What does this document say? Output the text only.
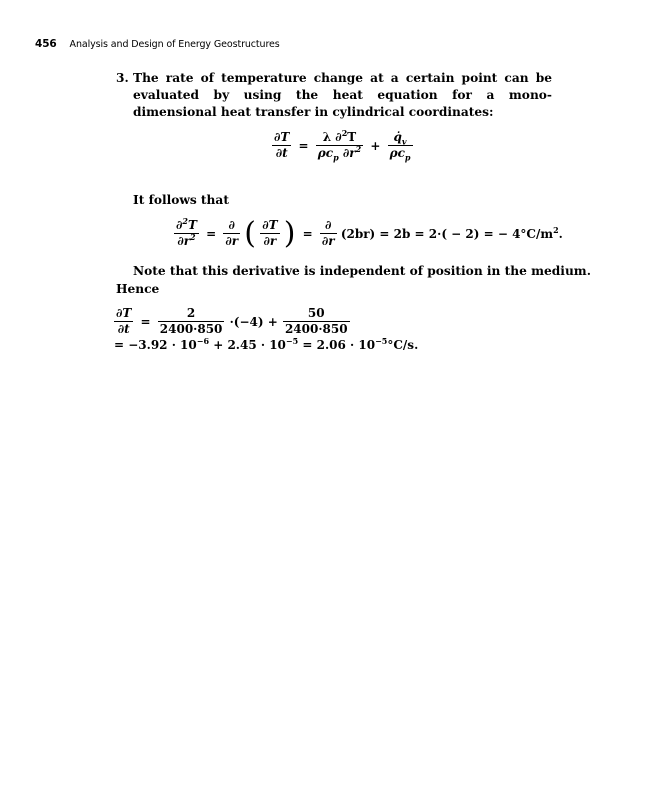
456 Analysis and Design of Energy Geostructures
3. The rate of temperature change at a certain point can be evaluated by using the heat equation for a mono-dimensional heat transfer in cylindrical coordinates:
$\frac{\partial T}{\partial t} = \frac{\lambda \partial^2T}{\rho c_p \partial r^2} + \frac{q̇_v}{\rho c_p}$
It follows that
$\frac{\partial^2T}{\partial r^2} = \frac{\partial}{\partial r}$ ( $\frac{\partial T}{\partial r}$ ) = $\frac{\partial}{\partial r} (2br) = 2b = 2\cdot( - 2)$ = − $4^\circ C/m^2$.
Note that this derivative is independent of position in the medium.
Hence
$\frac{\partial T}{\partial t} = \frac{2}{2400\cdot 850} \cdot(-4) + \frac{50}{2400\cdot 850}$
= $-3.92 \cdot 10^{-6} + 2.45 \cdot 10^{-5} = 2.06 \cdot 10^{-5}^\circ C/s$.
